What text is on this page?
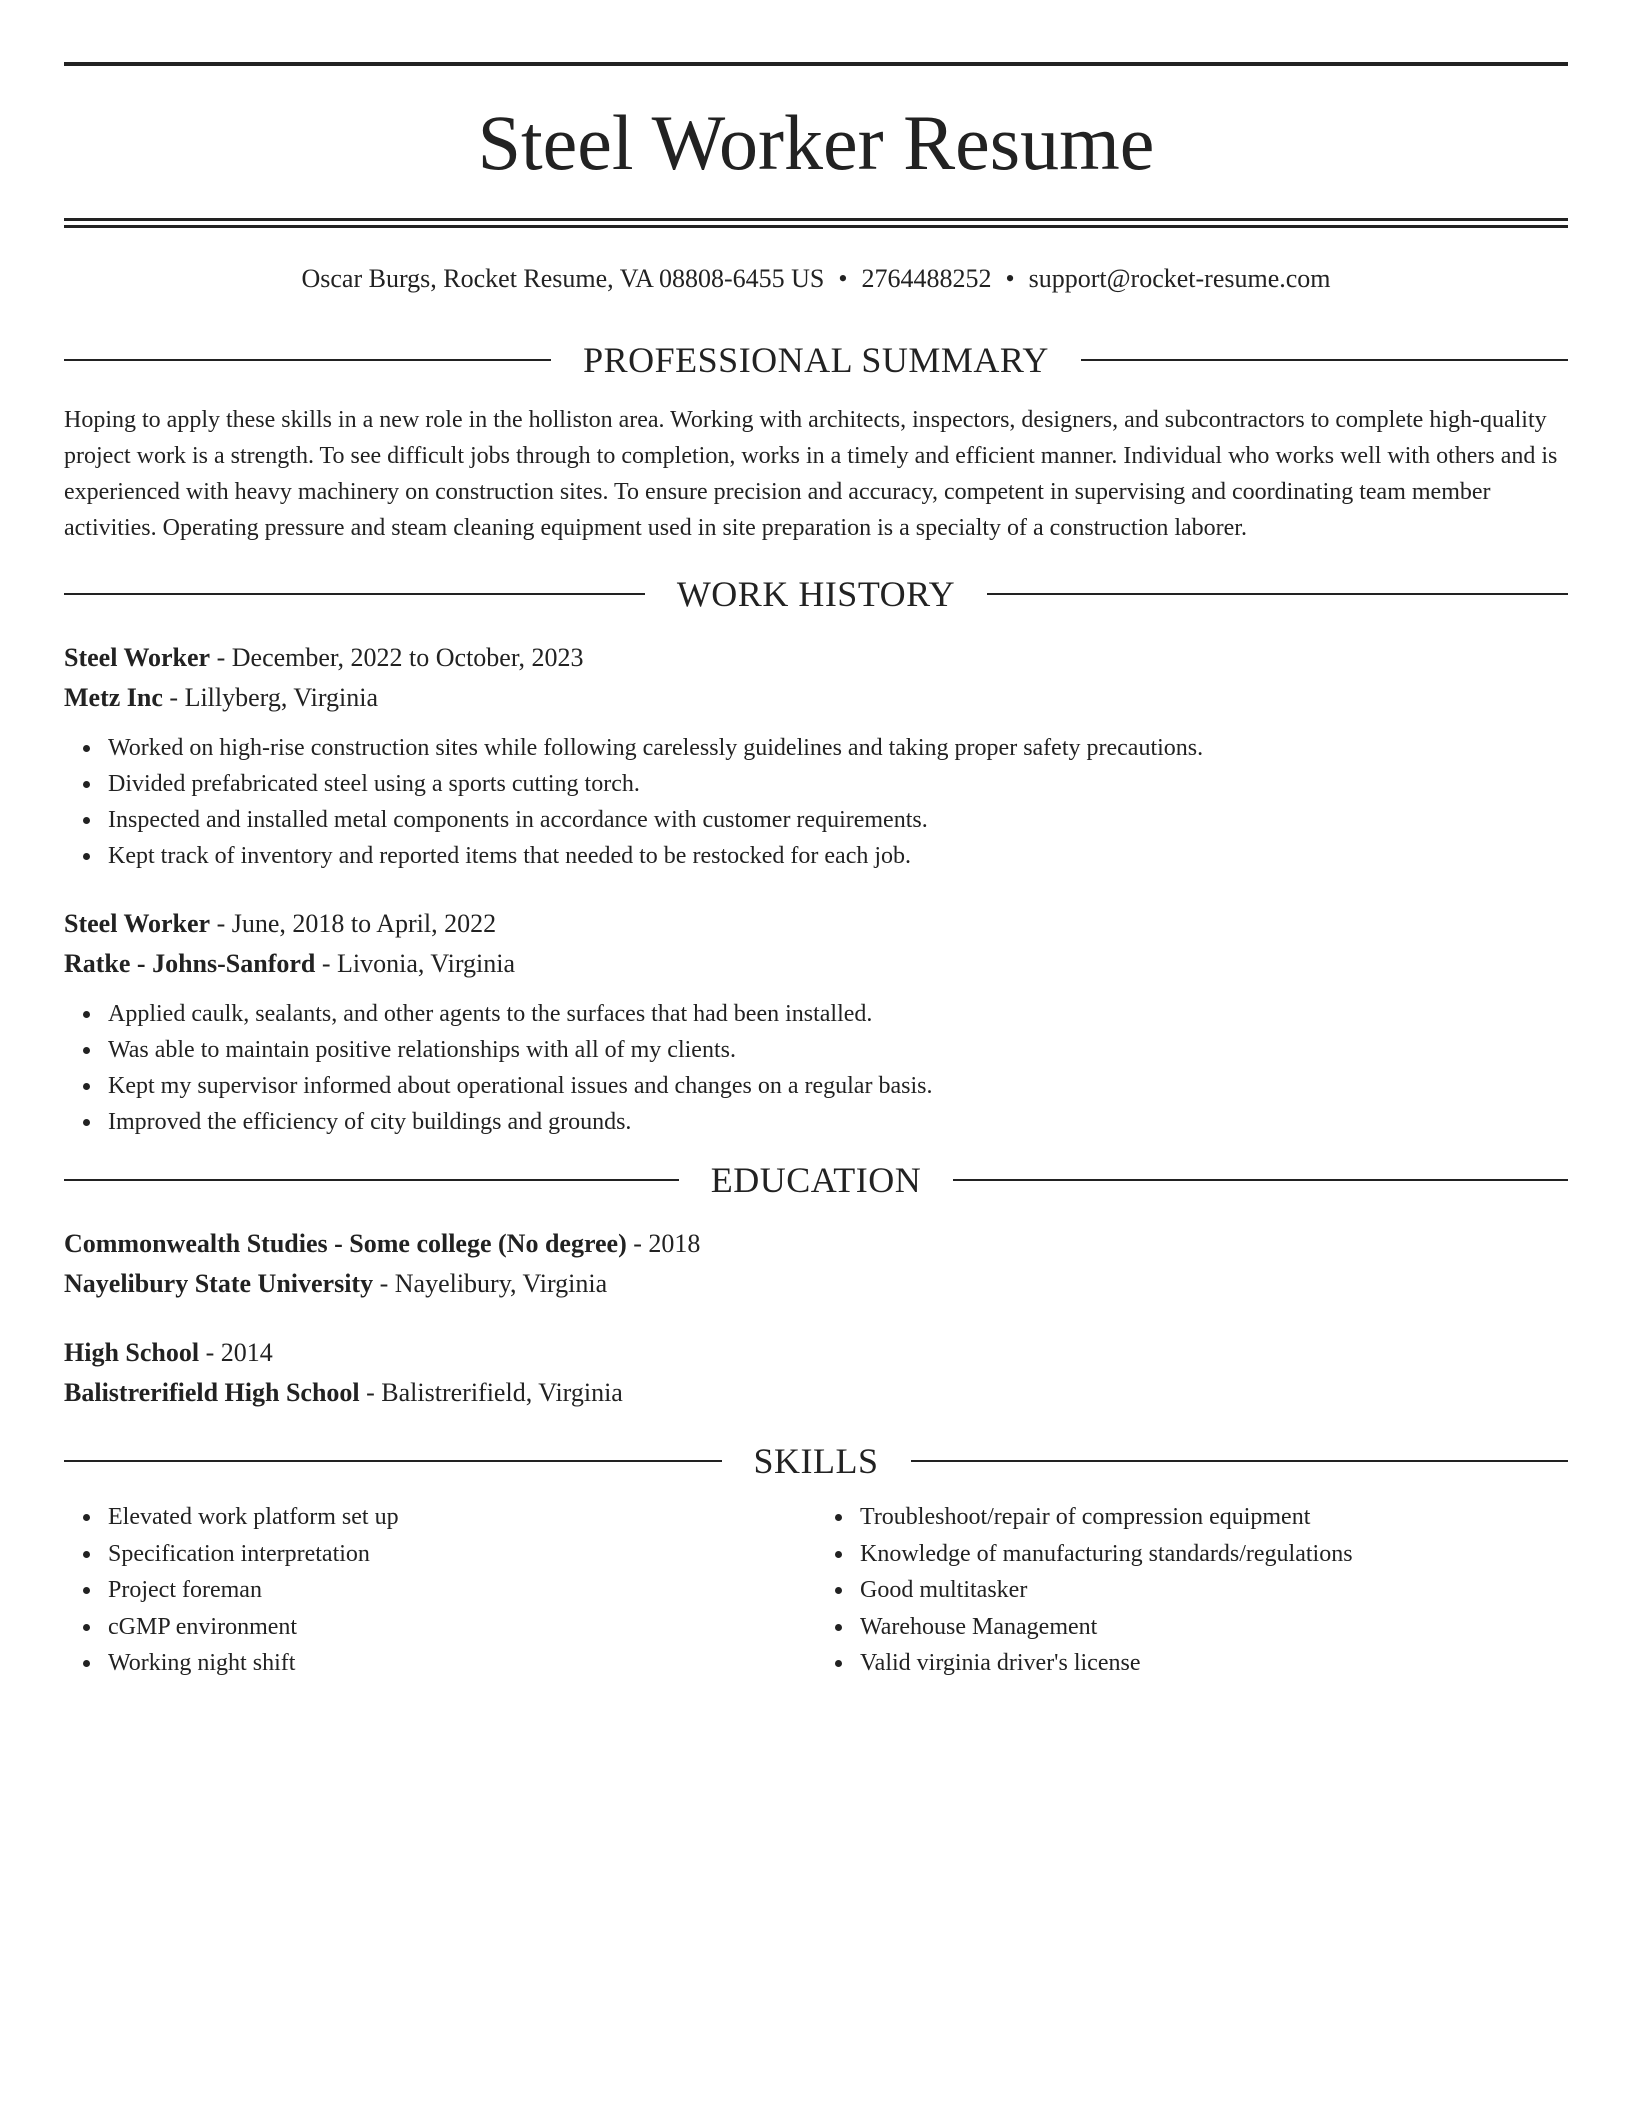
Steel Worker Resume
Oscar Burgs, Rocket Resume, VA 08808-6455 US • 2764488252 • support@rocket-resume.com
PROFESSIONAL SUMMARY
Hoping to apply these skills in a new role in the holliston area. Working with architects, inspectors, designers, and subcontractors to complete high-quality project work is a strength. To see difficult jobs through to completion, works in a timely and efficient manner. Individual who works well with others and is experienced with heavy machinery on construction sites. To ensure precision and accuracy, competent in supervising and coordinating team member activities. Operating pressure and steam cleaning equipment used in site preparation is a specialty of a construction laborer.
WORK HISTORY
Steel Worker - December, 2022 to October, 2023
Metz Inc - Lillyberg, Virginia
Worked on high-rise construction sites while following carelessly guidelines and taking proper safety precautions.
Divided prefabricated steel using a sports cutting torch.
Inspected and installed metal components in accordance with customer requirements.
Kept track of inventory and reported items that needed to be restocked for each job.
Steel Worker - June, 2018 to April, 2022
Ratke - Johns-Sanford - Livonia, Virginia
Applied caulk, sealants, and other agents to the surfaces that had been installed.
Was able to maintain positive relationships with all of my clients.
Kept my supervisor informed about operational issues and changes on a regular basis.
Improved the efficiency of city buildings and grounds.
EDUCATION
Commonwealth Studies - Some college (No degree) - 2018
Nayelibury State University - Nayelibury, Virginia
High School - 2014
Balistrerifield High School - Balistrerifield, Virginia
SKILLS
Elevated work platform set up
Specification interpretation
Project foreman
cGMP environment
Working night shift
Troubleshoot/repair of compression equipment
Knowledge of manufacturing standards/regulations
Good multitasker
Warehouse Management
Valid virginia driver's license
